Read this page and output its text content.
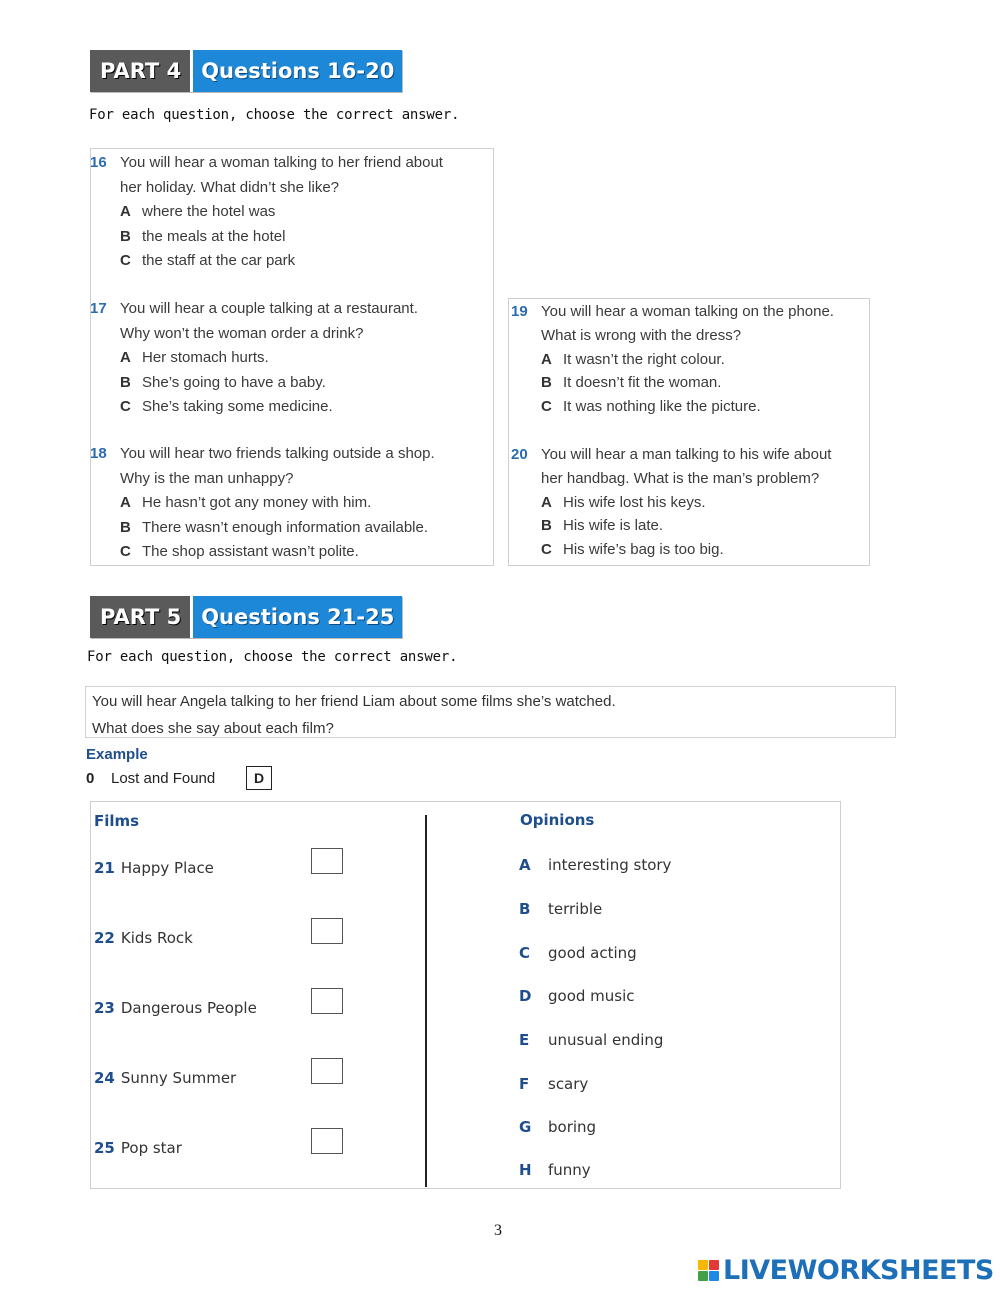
PART 4 Questions 16-20
For each question, choose the correct answer.
16 You will hear a woman talking to her friend about
her holiday. What didn’t she like?
A where the hotel was
B the meals at the hotel
C the staff at the car park
17 You will hear a couple talking at a restaurant.
Why won’t the woman order a drink?
A Her stomach hurts.
B She’s going to have a baby.
C She’s taking some medicine.
18 You will hear two friends talking outside a shop.
Why is the man unhappy?
A He hasn’t got any money with him.
B There wasn’t enough information available.
C The shop assistant wasn’t polite.
19 You will hear a woman talking on the phone.
What is wrong with the dress?
A It wasn’t the right colour.
B It doesn’t fit the woman.
C It was nothing like the picture.
20 You will hear a man talking to his wife about
her handbag. What is the man’s problem?
A His wife lost his keys.
B His wife is late.
C His wife’s bag is too big.
PART 5 Questions 21-25
For each question, choose the correct answer.
You will hear Angela talking to her friend Liam about some films she’s watched.
What does she say about each film?
Example
0	Lost and Found	D
Films	Opinions
21 Happy Place
22 Kids Rock
23 Dangerous People
24 Sunny Summer
25 Pop star
A	interesting story
B	terrible
C	good acting
D	good music
E	unusual ending
F	scary
G	boring
H	funny
3
LIVEWORKSHEETS
